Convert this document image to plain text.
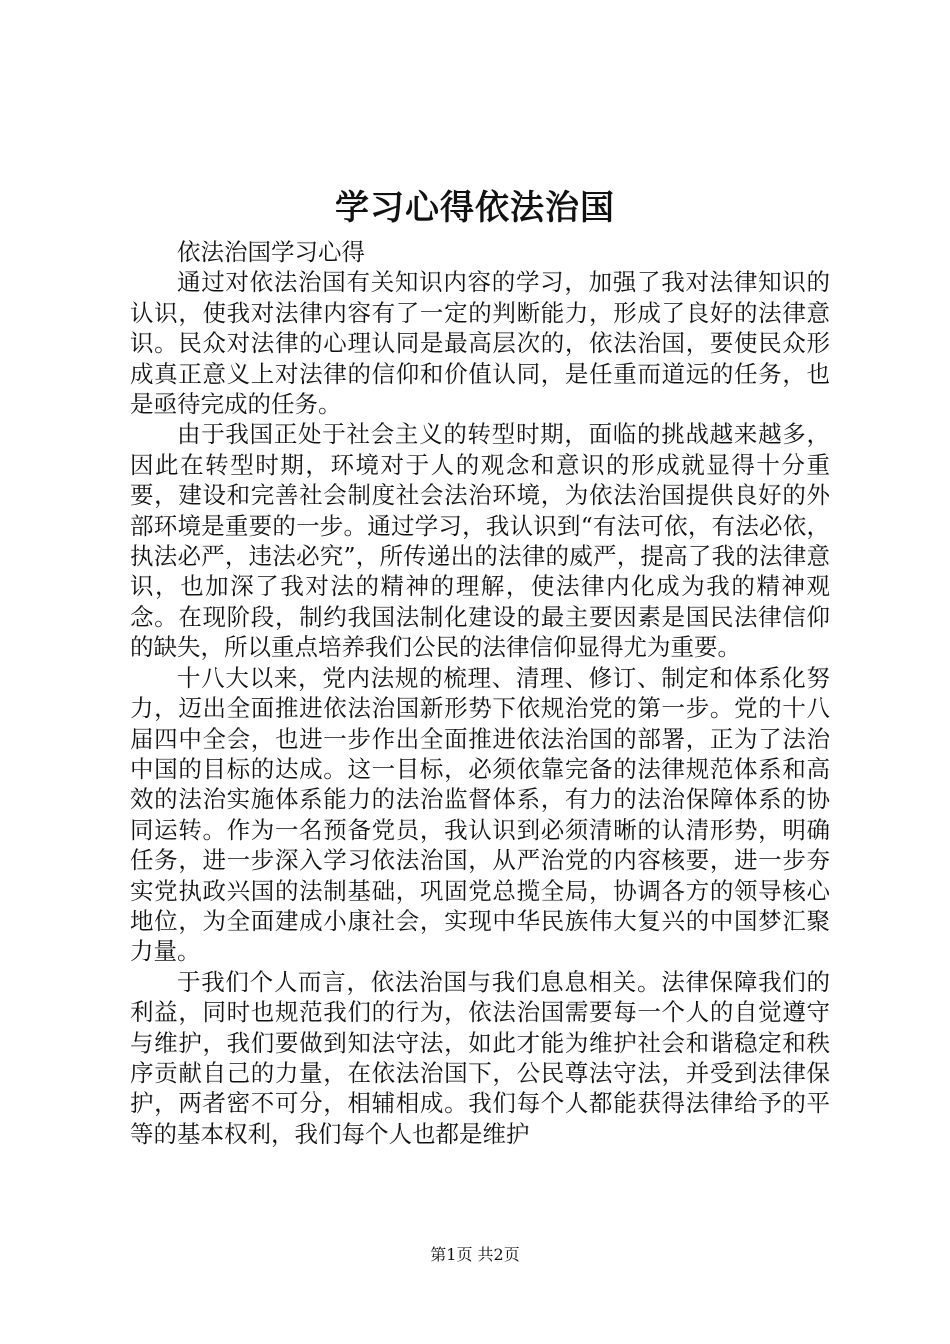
学习心得依法治国

依法治国学习心得

通过对依法治国有关知识内容的学习，加强了我对法律知识的认识，使我对法律内容有了一定的判断能力，形成了良好的法律意识。民众对法律的心理认同是最高层次的，依法治国，要使民众形成真正意义上对法律的信仰和价值认同，是任重而道远的任务，也是亟待完成的任务。

由于我国正处于社会主义的转型时期，面临的挑战越来越多，因此在转型时期，环境对于人的观念和意识的形成就显得十分重要，建设和完善社会制度社会法治环境，为依法治国提供良好的外部环境是重要的一步。通过学习，我认识到“有法可依，有法必依，执法必严，违法必究”，所传递出的法律的威严，提高了我的法律意识，也加深了我对法的精神的理解，使法律内化成为我的精神观念。在现阶段，制约我国法制化建设的最主要因素是国民法律信仰的缺失，所以重点培养我们公民的法律信仰显得尤为重要。

十八大以来，党内法规的梳理、清理、修订、制定和体系化努力，迈出全面推进依法治国新形势下依规治党的第一步。党的十八届四中全会，也进一步作出全面推进依法治国的部署，正为了法治中国的目标的达成。这一目标，必须依靠完备的法律规范体系和高效的法治实施体系能力的法治监督体系，有力的法治保障体系的协同运转。作为一名预备党员，我认识到必须清晰的认清形势，明确任务，进一步深入学习依法治国，从严治党的内容核要，进一步夯实党执政兴国的法制基础，巩固党总揽全局，协调各方的领导核心地位，为全面建成小康社会，实现中华民族伟大复兴的中国梦汇聚力量。

于我们个人而言，依法治国与我们息息相关。法律保障我们的利益，同时也规范我们的行为，依法治国需要每一个人的自觉遵守与维护，我们要做到知法守法，如此才能为维护社会和谐稳定和秩序贡献自己的力量，在依法治国下，公民尊法守法，并受到法律保护，两者密不可分，相辅相成。我们每个人都能获得法律给予的平等的基本权利，我们每个人也都是维护

第1页 共2页
